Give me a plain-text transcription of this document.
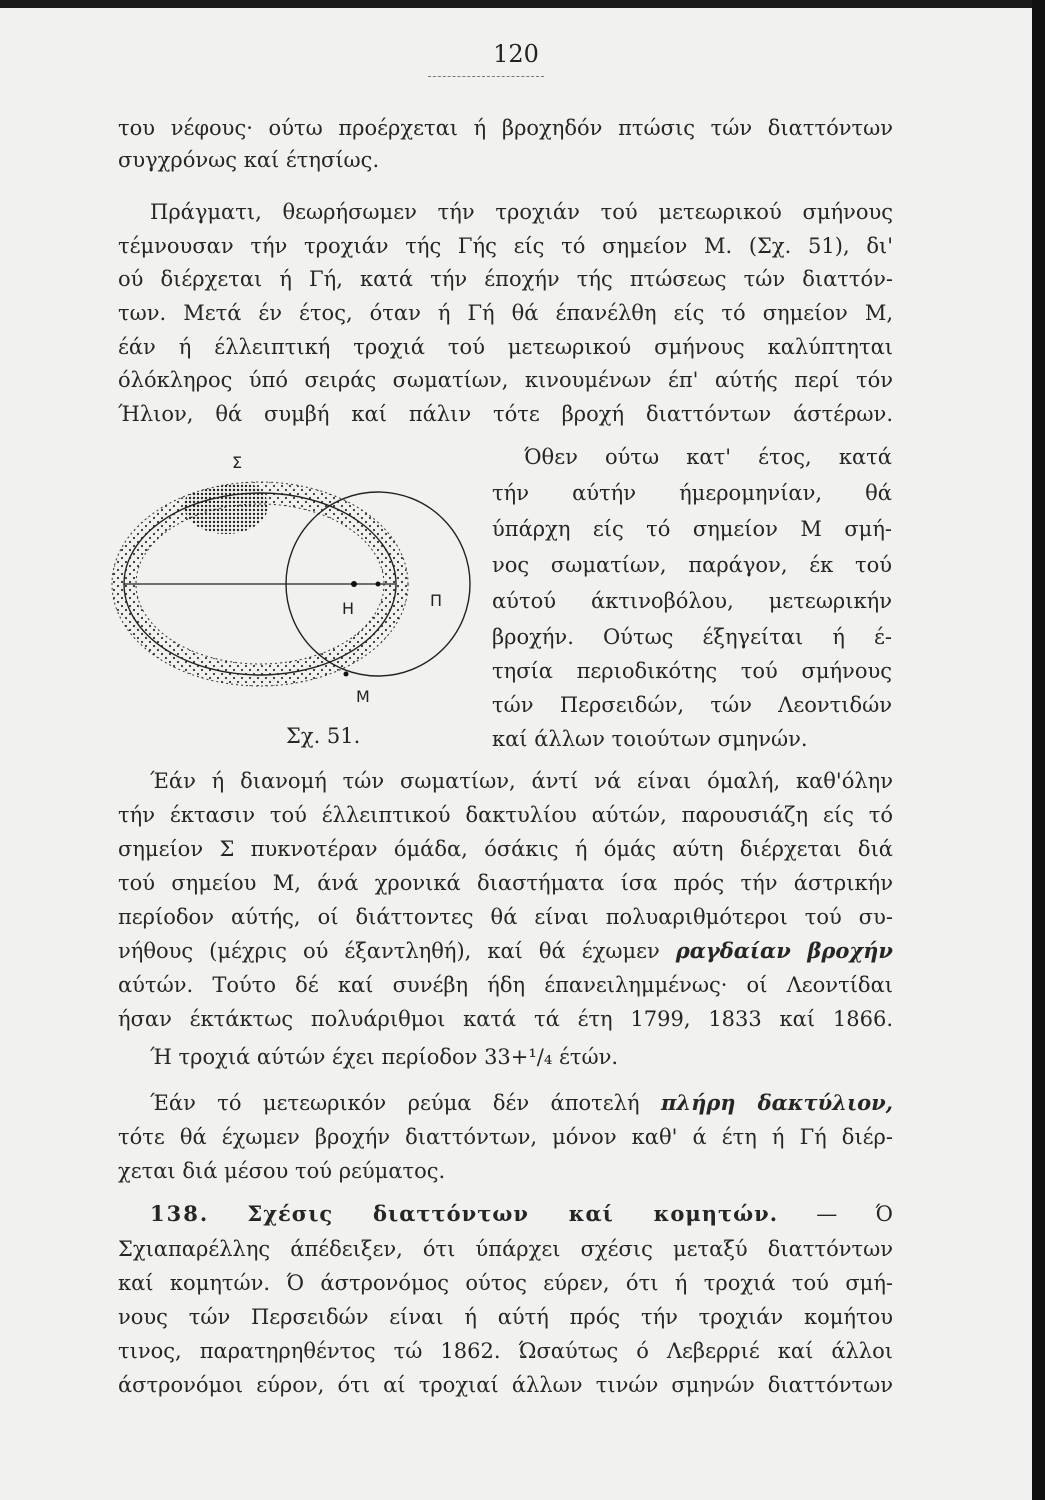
120
του νέφους· ούτω προέρχεται ή βροχηδόν πτώσις τών διαττόντων
συγχρόνως καί έτησίως.
Πράγματι, θεωρήσωμεν τήν τροχιάν τού μετεωρικού σμήνους
τέμνουσαν τήν τροχιάν τής Γής είς τό σημείον Μ. (Σχ. 51), δι'
ού διέρχεται ή Γή, κατά τήν έποχήν τής πτώσεως τών διαττόν-
των. Μετά έν έτος, όταν ή Γή θά έπανέλθη είς τό σημείον Μ,
έάν ή έλλειπτική τροχιά τού μετεωρικού σμήνους καλύπτηται
όλόκληρος ύπό σειράς σωματίων, κινουμένων έπ' αύτής περί τόν
Ήλιον, θά συμβή καί πάλιν τότε βροχή διαττόντων άστέρων.
Όθεν ούτω κατ' έτος, κατά
τήν αύτήν ήμερομηνίαν, θά
ύπάρχη είς τό σημείον Μ σμή-
νος σωματίων, παράγον, έκ τού
αύτού άκτινοβόλου, μετεωρικήν
βροχήν. Ούτως έξηγείται ή έ-
τησία περιοδικότης τού σμήνους
τών Περσειδών, τών Λεοντιδών
καί άλλων τοιούτων σμηνών.
Σ
Η	Π
Μ
Σχ. 51.
Έάν ή διανομή τών σωματίων, άντί νά είναι όμαλή, καθ'όλην
τήν έκτασιν τού έλλειπτικού δακτυλίου αύτών, παρουσιάζη είς τό
σημείον Σ πυκνοτέραν όμάδα, όσάκις ή όμάς αύτη διέρχεται διά
τού σημείου Μ, άνά χρονικά διαστήματα ίσα πρός τήν άστρικήν
περίοδον αύτής, οί διάττοντες θά είναι πολυαριθμότεροι τού συ-
νήθους (μέχρις ού έξαντληθή), καί θά έχωμεν ραγδαίαν βροχήν
αύτών. Τούτο δέ καί συνέβη ήδη έπανειλημμένως· οί Λεοντίδαι
ήσαν έκτάκτως πολυάριθμοι κατά τά έτη 1799, 1833 καί 1866.
Ή τροχιά αύτών έχει περίοδον 33+¹/₄ έτών.
Έάν τό μετεωρικόν ρεύμα δέν άποτελή πλήρη δακτύλιον,
τότε θά έχωμεν βροχήν διαττόντων, μόνον καθ' ά έτη ή Γή διέρ-
χεται διά μέσου τού ρεύματος.
138. Σχέσις διαττόντων καί κομητών. — Ό
Σχιαπαρέλλης άπέδειξεν, ότι ύπάρχει σχέσις μεταξύ διαττόντων
καί κομητών. Ό άστρονόμος ούτος εύρεν, ότι ή τροχιά τού σμή-
νους τών Περσειδών είναι ή αύτή πρός τήν τροχιάν κομήτου
τινος, παρατηρηθέντος τώ 1862. Ώσαύτως ό Λεβερριέ καί άλλοι
άστρονόμοι εύρον, ότι αί τροχιαί άλλων τινών σμηνών διαττόντων
